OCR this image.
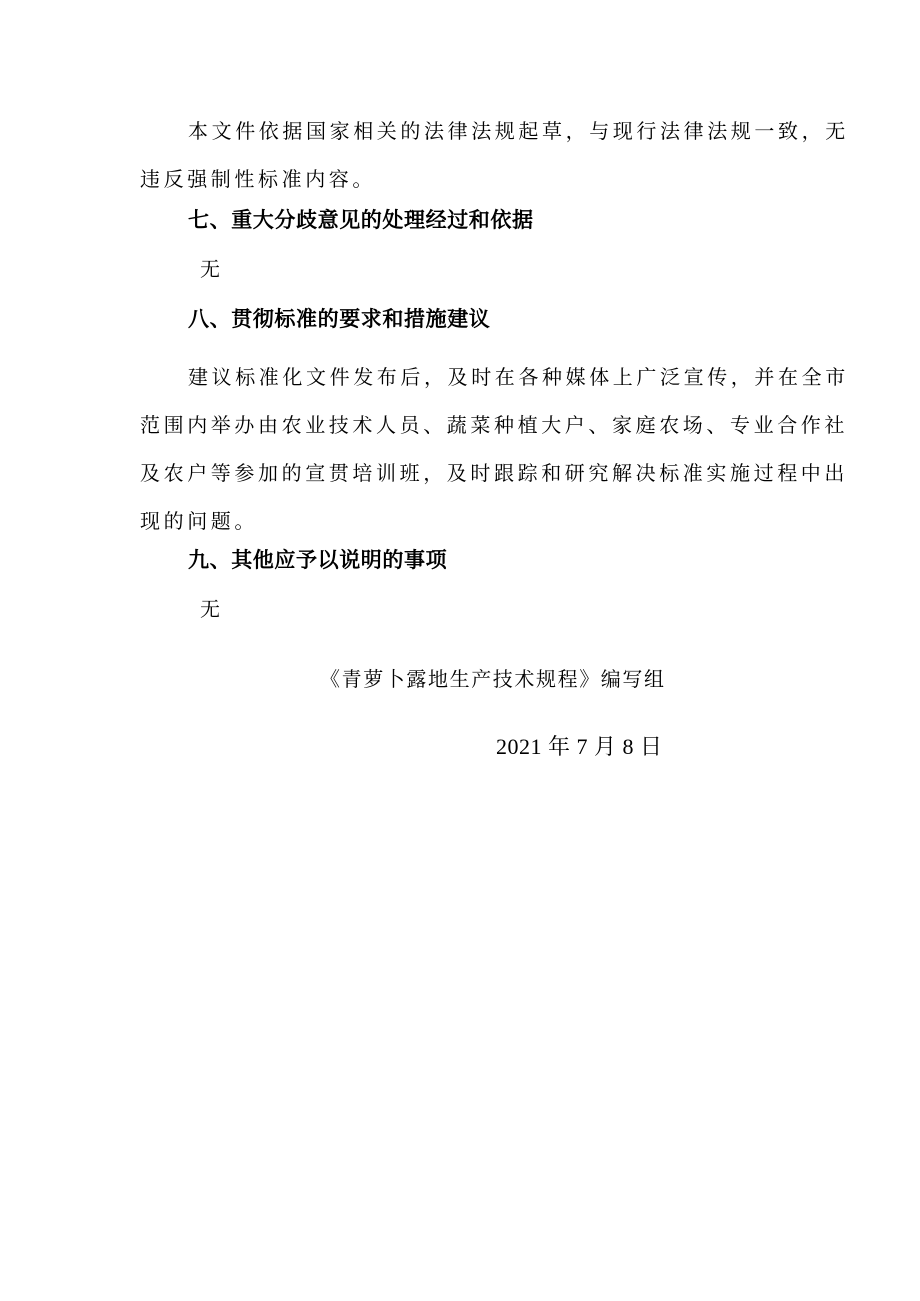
本文件依据国家相关的法律法规起草，与现行法律法规一致，无
违反强制性标准内容。
七、重大分歧意见的处理经过和依据
无
八、贯彻标准的要求和措施建议
建议标准化文件发布后，及时在各种媒体上广泛宣传，并在全市
范围内举办由农业技术人员、蔬菜种植大户、家庭农场、专业合作社
及农户等参加的宣贯培训班，及时跟踪和研究解决标准实施过程中出
现的问题。
九、其他应予以说明的事项
无
《青萝卜露地生产技术规程》编写组
2021 年 7 月 8 日
